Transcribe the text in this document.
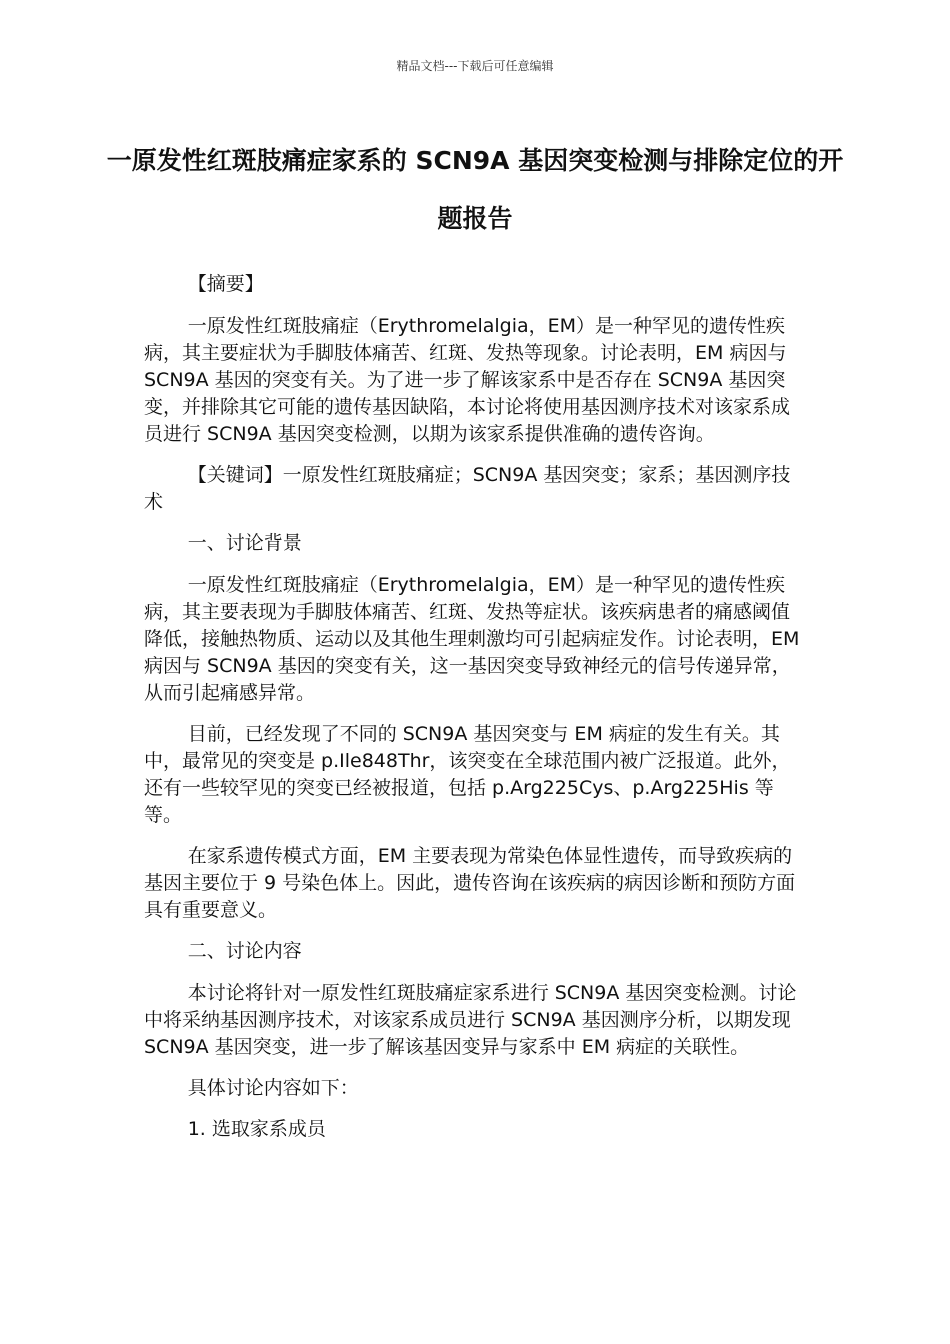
精品文档---下载后可任意编辑
一原发性红斑肢痛症家系的 SCN9A 基因突变检测与排除定位的开题报告

【摘要】

一原发性红斑肢痛症（Erythromelalgia，EM）是一种罕见的遗传性疾病，其主要症状为手脚肢体痛苦、红斑、发热等现象。讨论表明，EM 病因与 SCN9A 基因的突变有关。为了进一步了解该家系中是否存在 SCN9A 基因突变，并排除其它可能的遗传基因缺陷，本讨论将使用基因测序技术对该家系成员进行 SCN9A 基因突变检测，以期为该家系提供准确的遗传咨询。

【关键词】一原发性红斑肢痛症；SCN9A 基因突变；家系；基因测序技术

一、讨论背景

一原发性红斑肢痛症（Erythromelalgia，EM）是一种罕见的遗传性疾病，其主要表现为手脚肢体痛苦、红斑、发热等症状。该疾病患者的痛感阈值降低，接触热物质、运动以及其他生理刺激均可引起病症发作。讨论表明，EM 病因与 SCN9A 基因的突变有关，这一基因突变导致神经元的信号传递异常，从而引起痛感异常。

目前，已经发现了不同的 SCN9A 基因突变与 EM 病症的发生有关。其中，最常见的突变是 p.Ile848Thr，该突变在全球范围内被广泛报道。此外，还有一些较罕见的突变已经被报道，包括 p.Arg225Cys、p.Arg225His 等等。

在家系遗传模式方面，EM 主要表现为常染色体显性遗传，而导致疾病的基因主要位于 9 号染色体上。因此，遗传咨询在该疾病的病因诊断和预防方面具有重要意义。

二、讨论内容

本讨论将针对一原发性红斑肢痛症家系进行 SCN9A 基因突变检测。讨论中将采纳基因测序技术，对该家系成员进行 SCN9A 基因测序分析，以期发现 SCN9A 基因突变，进一步了解该基因变异与家系中 EM 病症的关联性。

具体讨论内容如下：

1. 选取家系成员
